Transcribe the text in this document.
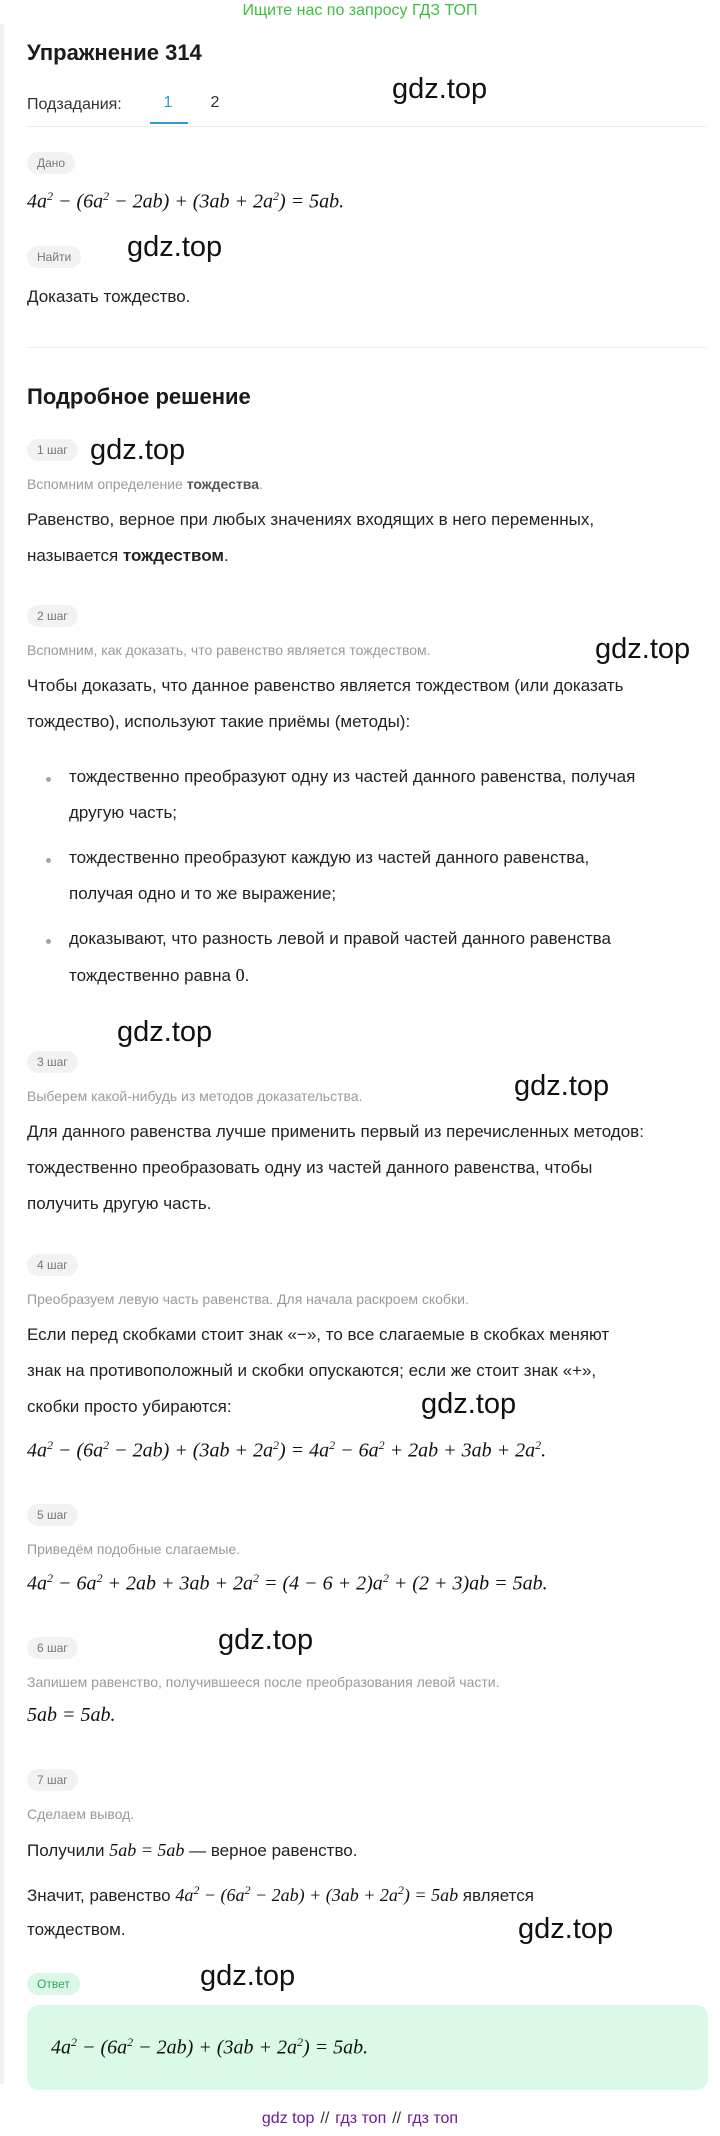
Ищите нас по запросу ГДЗ ТОП
Упражнение 314
Подзадания:	1	2	gdz.top
Дано
$4a^2 - (6a^2 - 2ab) + (3ab + 2a^2) = 5ab$.
Найти	gdz.top
Доказать тождество.
Подробное решение
1 шаг gdz.top
Вспомним определение тождества.
Равенство, верное при любых значениях входящих в него переменных,
называется тождеством.
2 шаг
Вспомним, как доказать, что равенство является тождеством.	gdz.top
Чтобы доказать, что данное равенство является тождеством (или доказать
тождество), используют такие приёмы (методы):
тождественно преобразуют одну из частей данного равенства, получая
другую часть;
тождественно преобразуют каждую из частей данного равенства,
получая одно и то же выражение;
доказывают, что разность левой и правой частей данного равенства
тождественно равна 0.
gdz.top
3 шаг
gdz.top
Выберем какой-нибудь из методов доказательства.
Для данного равенства лучше применить первый из перечисленных методов:
тождественно преобразовать одну из частей данного равенства, чтобы
получить другую часть.
4 шаг
Преобразуем левую часть равенства. Для начала раскроем скобки.
Если перед скобками стоит знак «−», то все слагаемые в скобках меняют
знак на противоположный и скобки опускаются; если же стоит знак «+»,
скобки просто убираются:	gdz.top
$4a^2 - (6a^2 - 2ab) + (3ab + 2a^2) = 4a^2 - 6a^2 + 2ab + 3ab + 2a^2$.
5 шаг
Приведём подобные слагаемые.
$4a^2 - 6a^2 + 2ab + 3ab + 2a^2 = (4 - 6 + 2)a^2 + (2 + 3)ab = 5ab$.
6 шаг	gdz.top
Запишем равенство, получившееся после преобразования левой части.
5ab = 5ab.
7 шаг
Сделаем вывод.
Получили 5ab = 5ab — верное равенство.
Значит, равенство $4a^2 - (6a^2 - 2ab) + (3ab + 2a^2) = 5ab$ является
тождеством.	gdz.top
Ответ	gdz.top
$4a^2 - (6a^2 - 2ab) + (3ab + 2a^2) = 5ab$.
gdz top // гдз топ // гдз топ
